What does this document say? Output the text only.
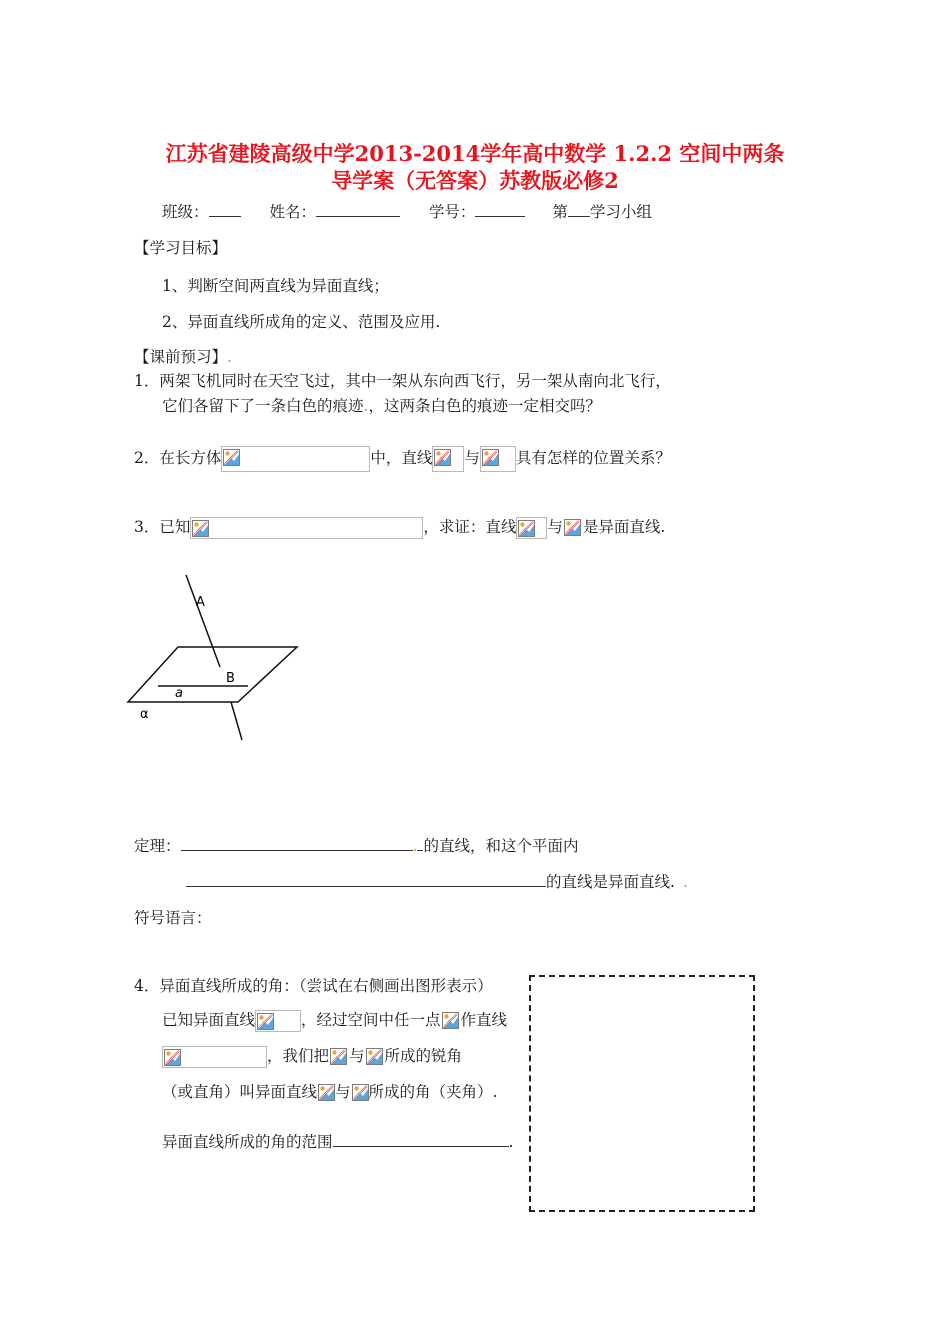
江苏省建陵高级中学2013-2014学年高中数学 1.2.2 空间中两条
导学案（无答案）苏教版必修2
班级：	姓名：	学号：	第 学习小组
【学习目标】
1、判断空间两直线为异面直线；
2、异面直线所成角的定义、范围及应用.
【课前预习】.
1．两架飞机同时在天空飞过，其中一架从东向西飞行，另一架从南向北飞行，
它们各留下了一条白色的痕迹.，这两条白色的痕迹一定相交吗？
2．在长方体	中，直线 与 具有怎样的位置关系？
3．已知	，求证：直线 与 是异面直线.
A
B
a
α
定理：	. 的直线，和这个平面内
的直线是异面直线. .
符号语言：
4．异面直线所成的角：（尝试在右侧画出图形表示）
已知异面直线	，经过空间中任一点 作直线
，我们把 与 所成的锐角
（或直角）叫异面直线 与 所成的角（夹角）.
异面直线所成的角的范围	.
